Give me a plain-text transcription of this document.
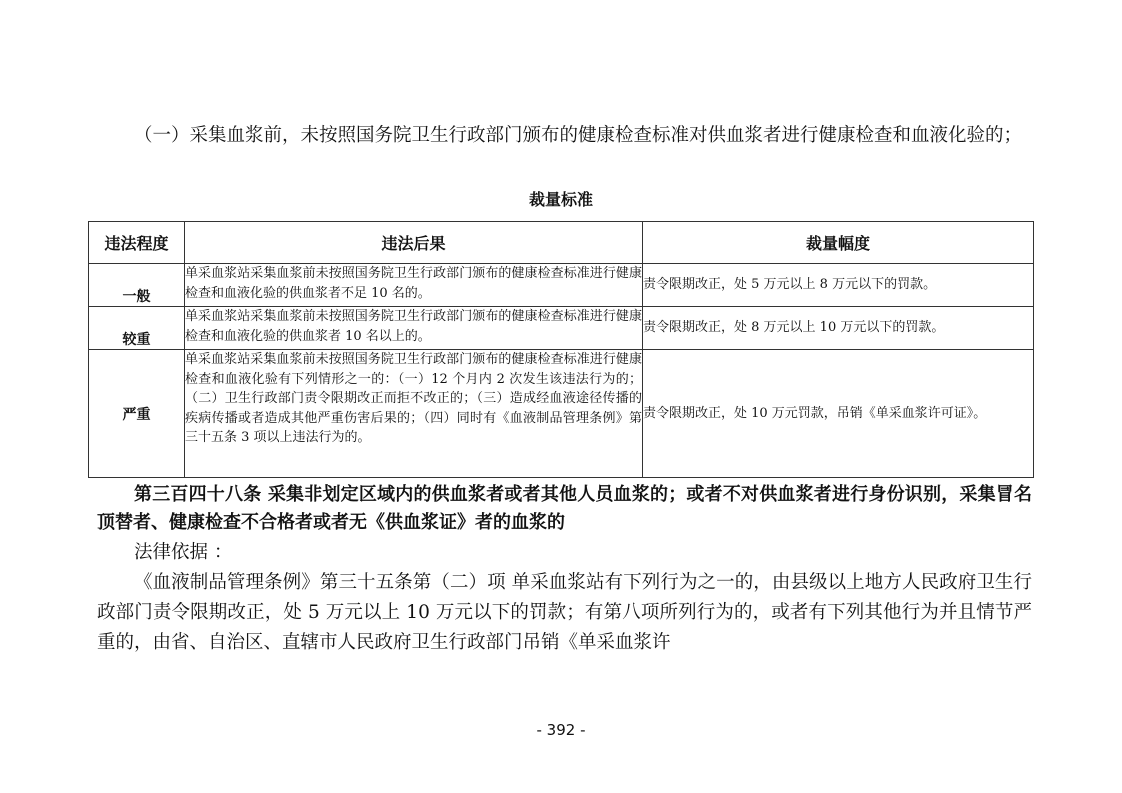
（一）采集血浆前，未按照国务院卫生行政部门颁布的健康检查标准对供血浆者进行健康检查和血液化验的；

裁量标准
违法程度	违法后果	裁量幅度
一般	单采血浆站采集血浆前未按照国务院卫生行政部门颁布的健康检查标准进行健康检查和血液化验的供血浆者不足 10 名的。	责令限期改正，处 5 万元以上 8 万元以下的罚款。
较重	单采血浆站采集血浆前未按照国务院卫生行政部门颁布的健康检查标准进行健康检查和血液化验的供血浆者 10 名以上的。	责令限期改正，处 8 万元以上 10 万元以下的罚款。
严重	单采血浆站采集血浆前未按照国务院卫生行政部门颁布的健康检查标准进行健康检查和血液化验有下列情形之一的：（一）12 个月内 2 次发生该违法行为的；（二）卫生行政部门责令限期改正而拒不改正的；（三）造成经血液途径传播的疾病传播或者造成其他严重伤害后果的；（四）同时有《血液制品管理条例》第三十五条 3 项以上违法行为的。	责令限期改正，处 10 万元罚款，吊销《单采血浆许可证》。

第三百四十八条 采集非划定区域内的供血浆者或者其他人员血浆的；或者不对供血浆者进行身份识别，采集冒名顶替者、健康检查不合格者或者无《供血浆证》者的血浆的

法律依据 ：

《血液制品管理条例》第三十五条第（二）项 单采血浆站有下列行为之一的，由县级以上地方人民政府卫生行政部门责令限期改正，处 5 万元以上 10 万元以下的罚款；有第八项所列行为的，或者有下列其他行为并且情节严重的，由省、自治区、直辖市人民政府卫生行政部门吊销《单采血浆许

- 392 -
